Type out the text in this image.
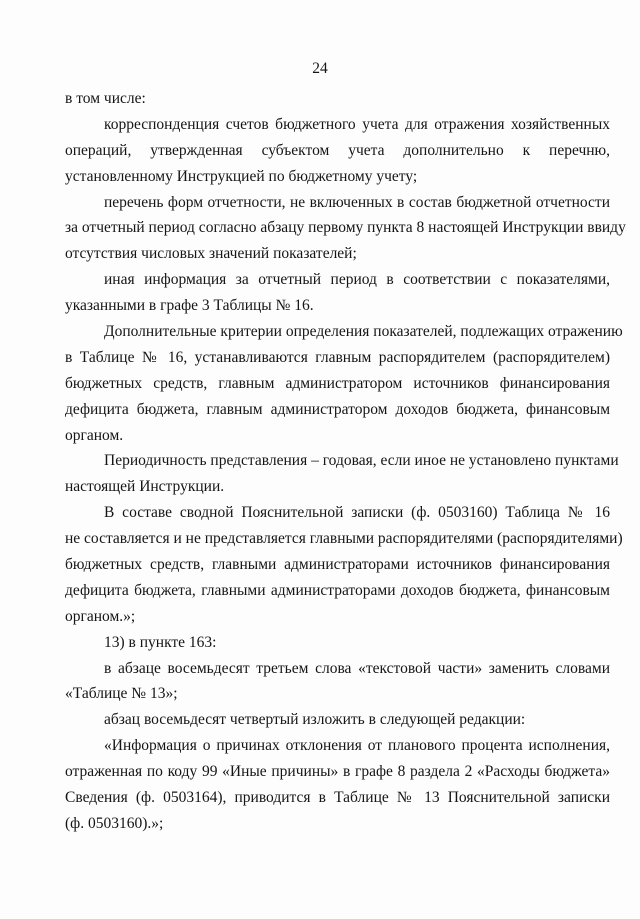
24
в том числе:
корреспонденция счетов бюджетного учета для отражения хозяйственных
операций, утвержденная субъектом учета дополнительно к перечню,
установленному Инструкцией по бюджетному учету;
перечень форм отчетности, не включенных в состав бюджетной отчетности
за отчетный период согласно абзацу первому пункта 8 настоящей Инструкции ввиду
отсутствия числовых значений показателей;
иная информация за отчетный период в соответствии с показателями,
указанными в графе 3 Таблицы № 16.
Дополнительные критерии определения показателей, подлежащих отражению
в Таблице № 16, устанавливаются главным распорядителем (распорядителем)
бюджетных средств, главным администратором источников финансирования
дефицита бюджета, главным администратором доходов бюджета, финансовым
органом.
Периодичность представления – годовая, если иное не установлено пунктами
настоящей Инструкции.
В составе сводной Пояснительной записки (ф. 0503160) Таблица № 16
не составляется и не представляется главными распорядителями (распорядителями)
бюджетных средств, главными администраторами источников финансирования
дефицита бюджета, главными администраторами доходов бюджета, финансовым
органом.»;
13) в пункте 163:
в абзаце восемьдесят третьем слова «текстовой части» заменить словами
«Таблице № 13»;
абзац восемьдесят четвертый изложить в следующей редакции:
«Информация о причинах отклонения от планового процента исполнения,
отраженная по коду 99 «Иные причины» в графе 8 раздела 2 «Расходы бюджета»
Сведения (ф. 0503164), приводится в Таблице № 13 Пояснительной записки
(ф. 0503160).»;
